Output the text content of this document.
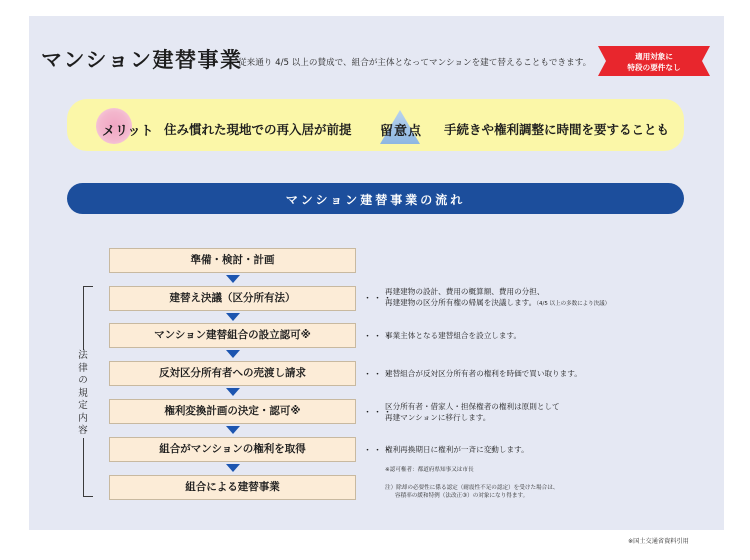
マンション建替事業
従来通り 4/5 以上の賛成で、組合が主体となってマンションを建て替えることもできます。
適用対象に
特段の要件なし
メリット 住み慣れた現地での再入居が前提 留意点 手続きや権利調整に時間を要することも
マンション建替事業の流れ
準備・検討・計画
建替え決議（区分所有法）
マンション建替組合の設立認可※
反対区分所有者への売渡し請求
権利変換計画の決定・認可※
組合がマンションの権利を取得
組合による建替事業
法律の規定内容
・・・
再建建物の設計、費用の概算額、費用の分担、
再建建物の区分所有権の帰属を決議します。（4/5 以上の多数により決議）
・・・
事業主体となる建替組合を設立します。
・・・
建替組合が反対区分所有者の権利を時価で買い取ります。
・・・
区分所有者・借家人・担保権者の権利は原則として
再建マンションに移行します。
・・・
権利再換期日に権利が一斉に変動します。
※認可権者：都道府県知事又は市長
注）除却の必要性に係る認定（耐震性不足の認定）を受けた場合は、
容積率の緩和特例（法改正③）の対象になり得ます。
※国土交通省資料引用
